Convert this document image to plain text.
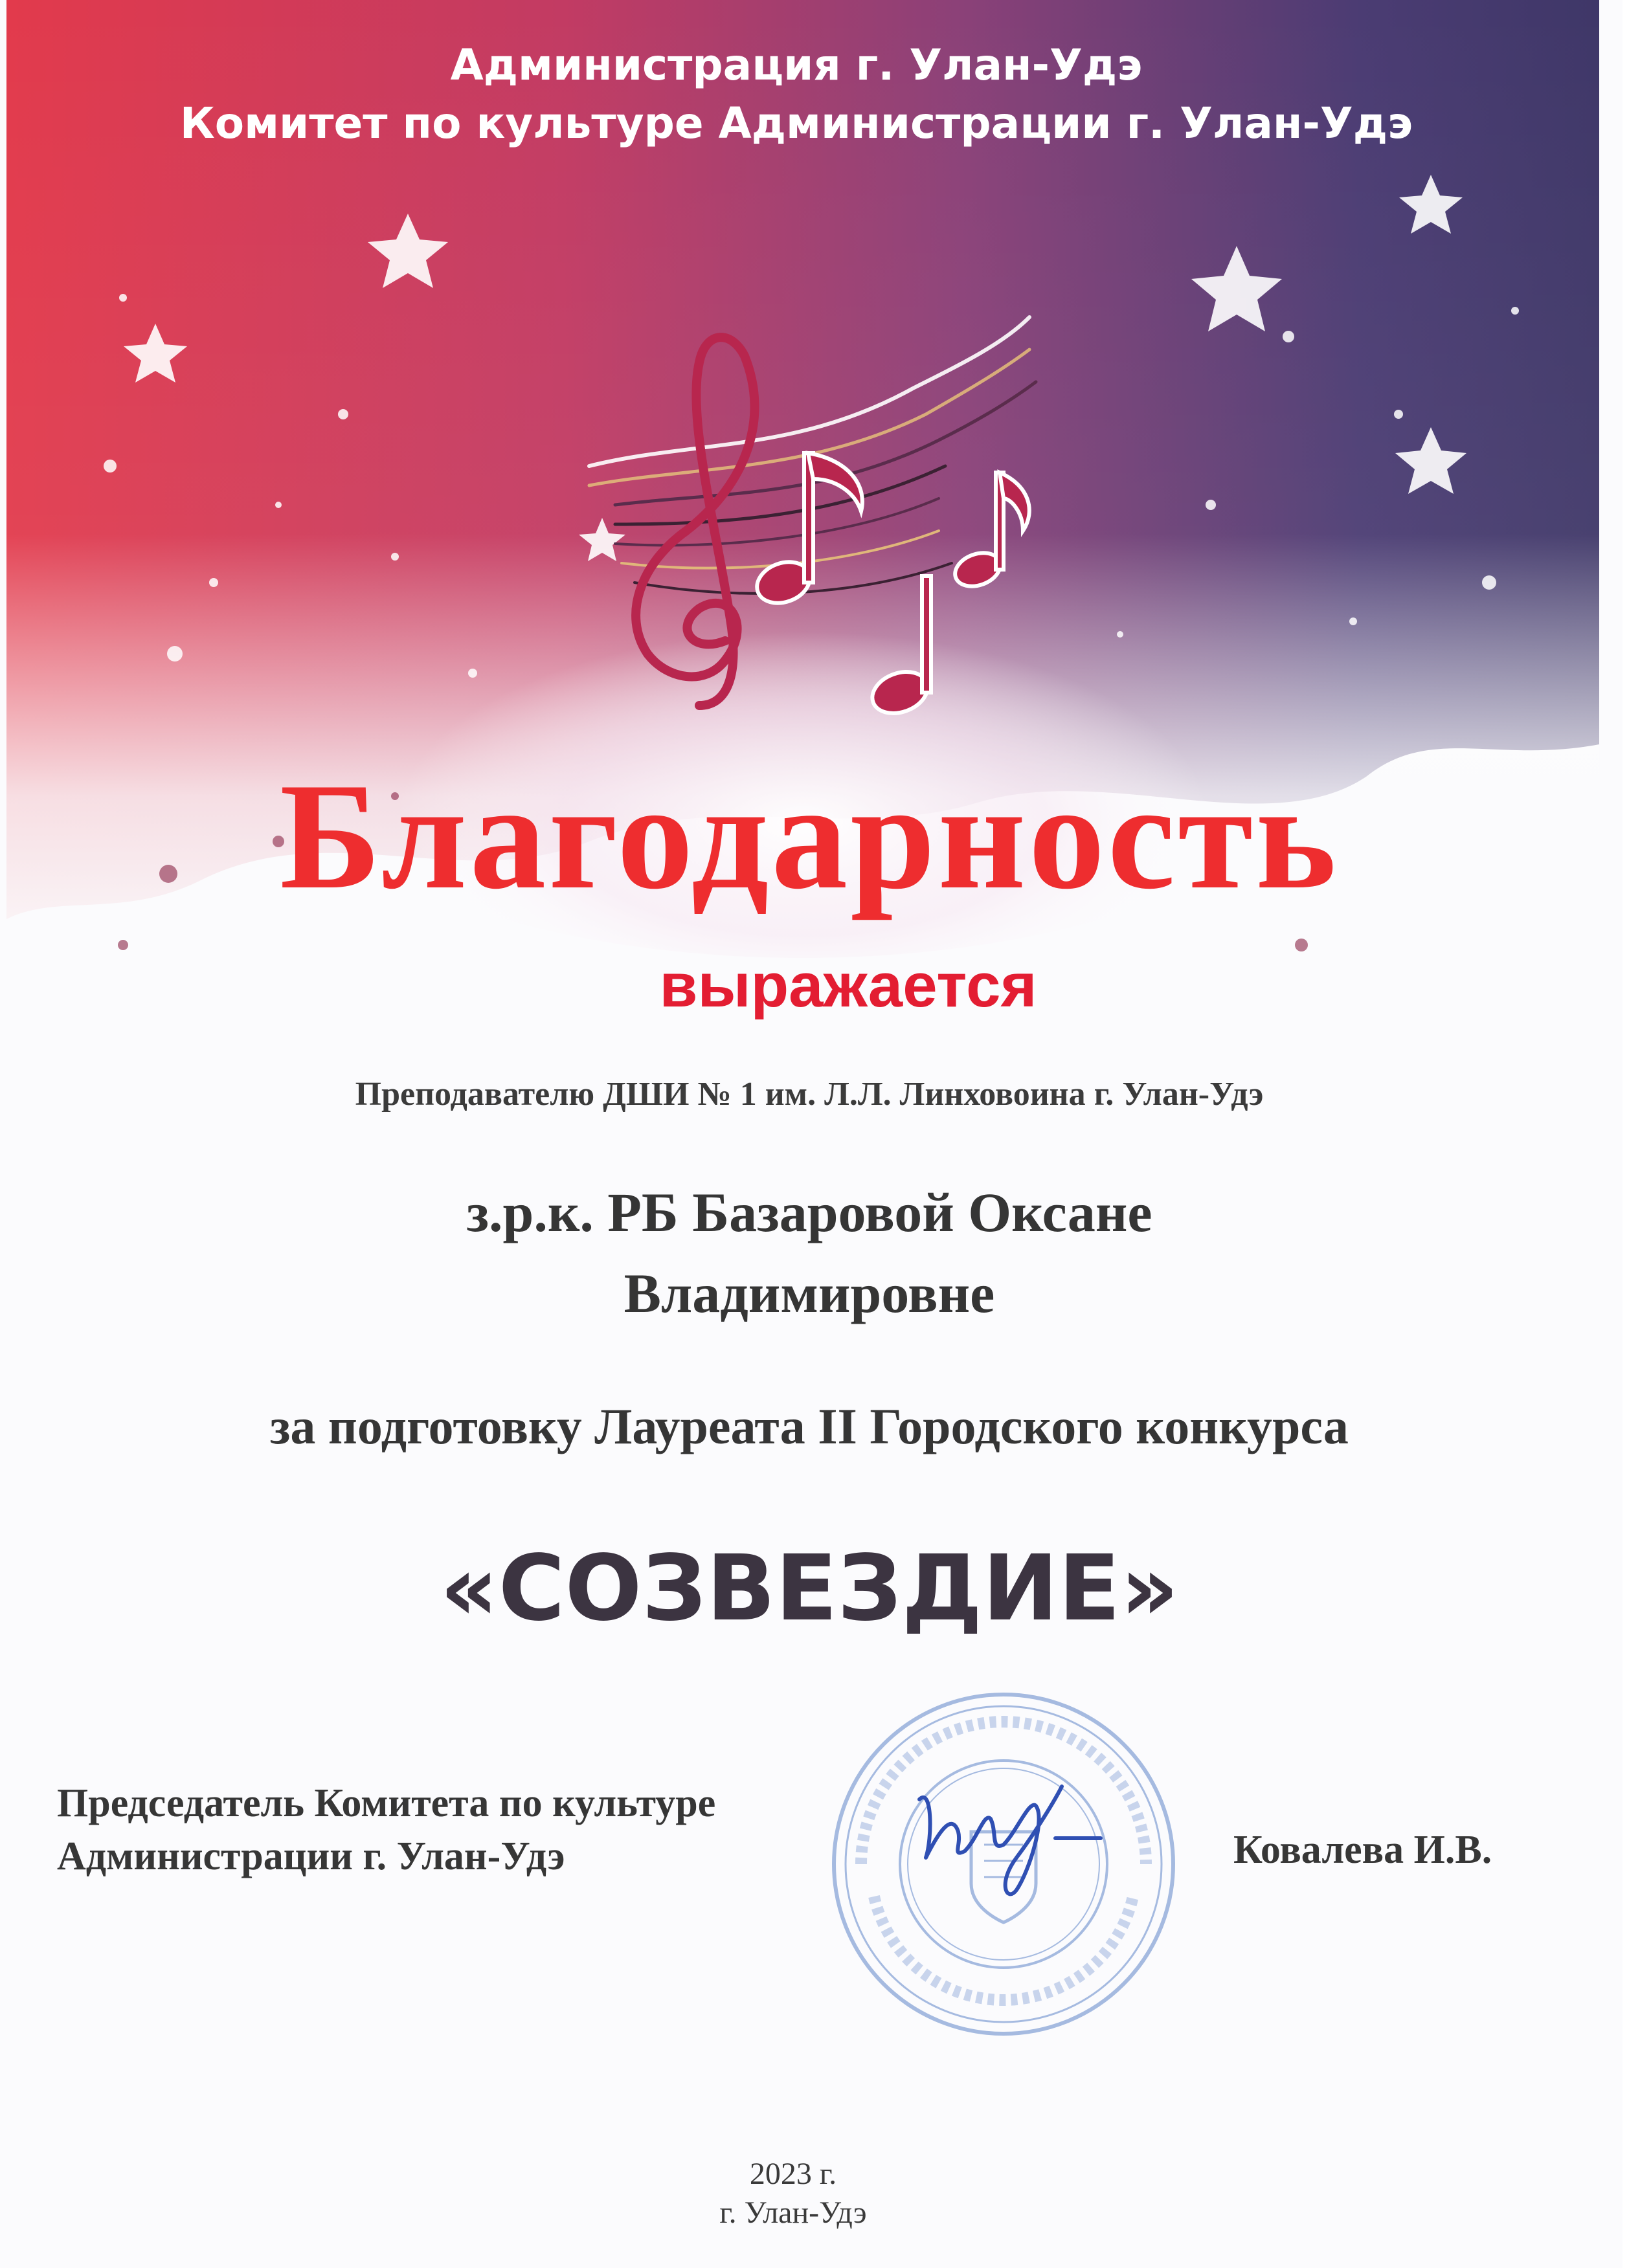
Администрация г. Улан-Удэ
Комитет по культуре Администрации г. Улан-Удэ
Благодарность
выражается
Преподавателю ДШИ № 1 им. Л.Л. Линховоина г. Улан-Удэ
з.р.к. РБ Базаровой Оксане
Владимировне
за подготовку Лауреата II Городского конкурса
«СОЗВЕЗДИЕ»
Председатель Комитета по культуре
Администрации г. Улан-Удэ	Ковалева И.В.
2023 г.
г. Улан-Удэ
